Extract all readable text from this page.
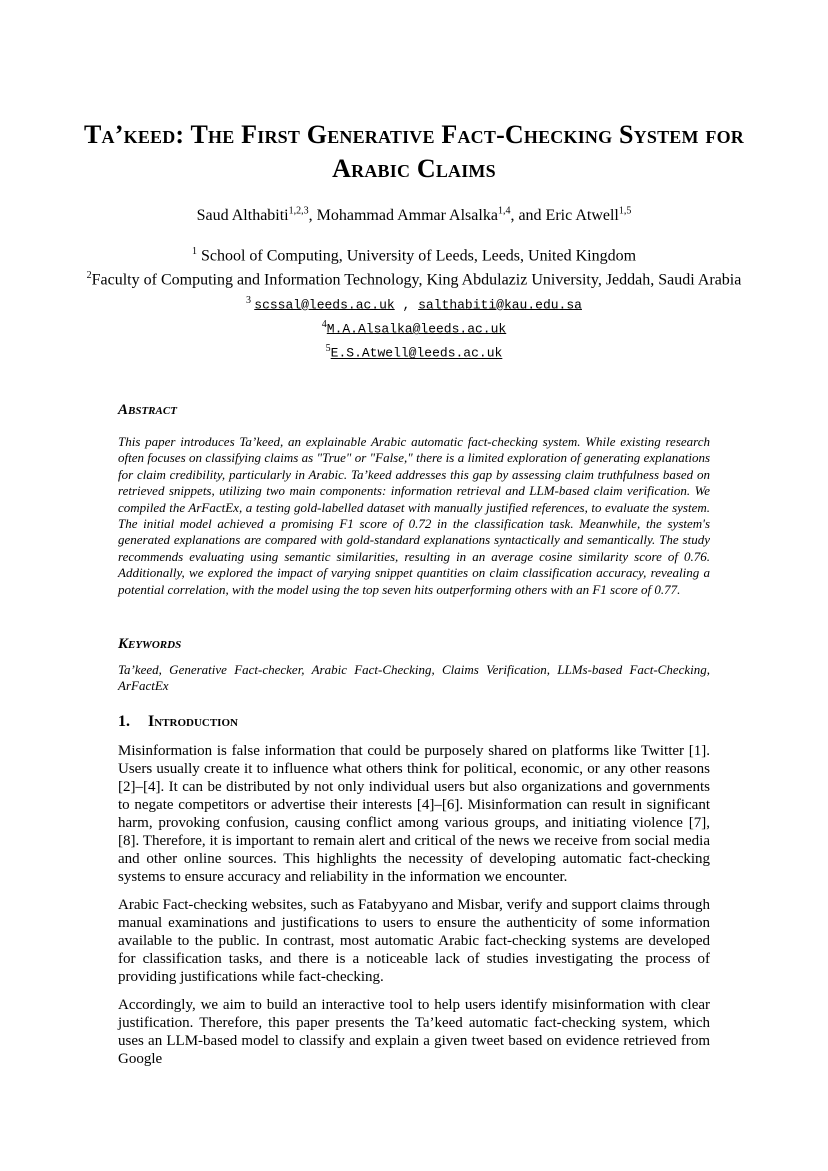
Ta’keed: The First Generative Fact-Checking System for Arabic Claims
Saud Althabiti$^{1,2,3}$, Mohammad Ammar Alsalka$^{1,4}$, and Eric Atwell$^{1,5}$
$^1$ School of Computing, University of Leeds, Leeds, United Kingdom
$^2$Faculty of Computing and Information Technology, King Abdulaziz University, Jeddah, Saudi Arabia
$^3$ scssal@leeds.ac.uk , salthabiti@kau.edu.sa
$^4$M.A.Alsalka@leeds.ac.uk
$^5$E.S.Atwell@leeds.ac.uk
Abstract
This paper introduces Ta’keed, an explainable Arabic automatic fact-checking system. While existing research often focuses on classifying claims as "True" or "False," there is a limited exploration of generating explanations for claim credibility, particularly in Arabic. Ta’keed addresses this gap by assessing claim truthfulness based on retrieved snippets, utilizing two main components: information retrieval and LLM-based claim verification. We compiled the ArFactEx, a testing gold-labelled dataset with manually justified references, to evaluate the system. The initial model achieved a promising F1 score of 0.72 in the classification task. Meanwhile, the system's generated explanations are compared with gold-standard explanations syntactically and semantically. The study recommends evaluating using semantic similarities, resulting in an average cosine similarity score of 0.76. Additionally, we explored the impact of varying snippet quantities on claim classification accuracy, revealing a potential correlation, with the model using the top seven hits outperforming others with an F1 score of 0.77.
Keywords
Ta’keed, Generative Fact-checker, Arabic Fact-Checking, Claims Verification, LLMs-based Fact-Checking, ArFactEx
1. Introduction

Misinformation is false information that could be purposely shared on platforms like Twitter [1]. Users usually create it to influence what others think for political, economic, or any other reasons [2]–[4]. It can be distributed by not only individual users but also organizations and governments to negate competitors or advertise their interests [4]–[6]. Misinformation can result in significant harm, provoking confusion, causing conflict among various groups, and initiating violence [7], [8]. Therefore, it is important to remain alert and critical of the news we receive from social media and other online sources. This highlights the necessity of developing automatic fact-checking systems to ensure accuracy and reliability in the information we encounter.

Arabic Fact-checking websites, such as Fatabyyano and Misbar, verify and support claims through manual examinations and justifications to users to ensure the authenticity of some information available to the public. In contrast, most automatic Arabic fact-checking systems are developed for classification tasks, and there is a noticeable lack of studies investigating the process of providing justifications while fact-checking.

Accordingly, we aim to build an interactive tool to help users identify misinformation with clear justification. Therefore, this paper presents the Ta’keed automatic fact-checking system, which uses an LLM-based model to classify and explain a given tweet based on evidence retrieved from Google
